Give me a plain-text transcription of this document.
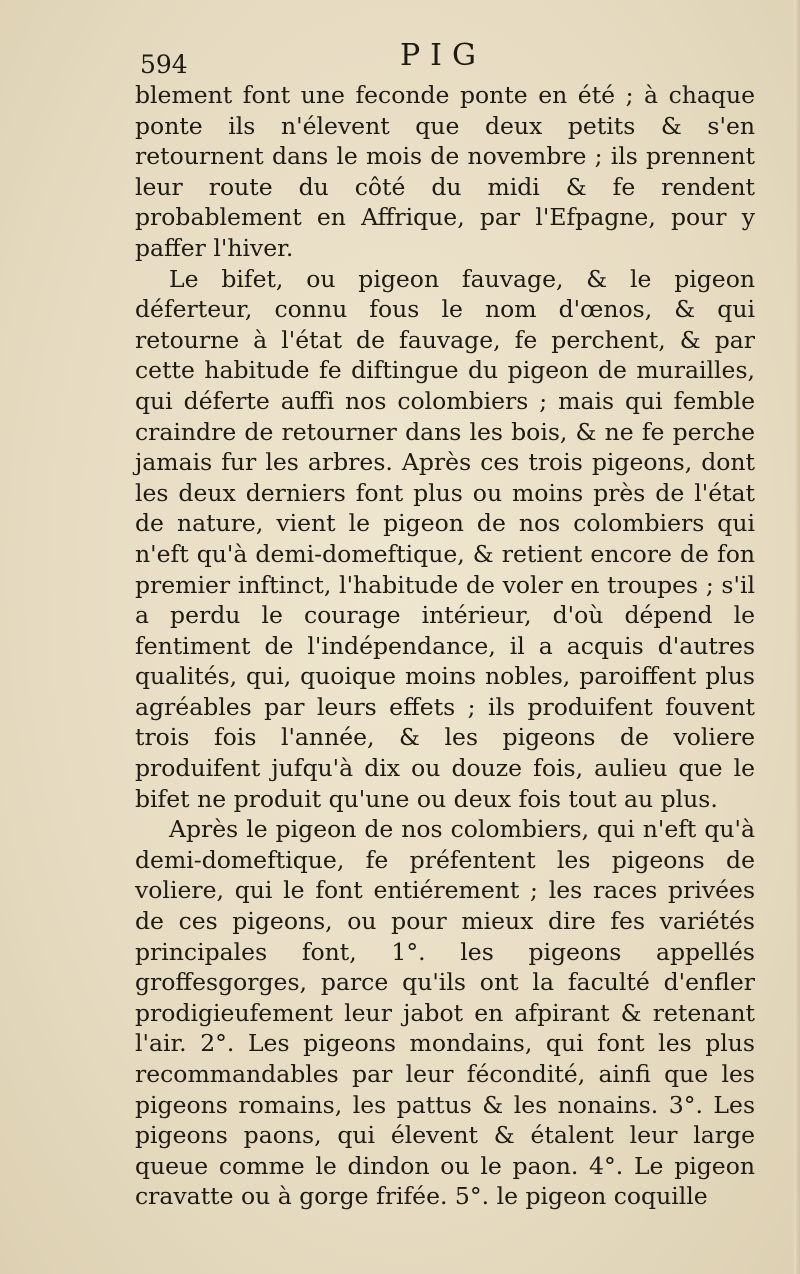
594	PIG

blement font une feconde ponte en été ; à chaque ponte ils n'élevent que deux petits & s'en retournent dans le mois de novembre ; ils prennent leur route du côté du midi & fe rendent probablement en Affrique, par l'Efpagne, pour y paffer l'hiver.

Le bifet, ou pigeon fauvage, & le pigeon déferteur, connu fous le nom d'œnos, & qui retourne à l'état de fauvage, fe perchent, & par cette habitude fe diftingue du pigeon de murailles, qui déferte auffi nos colombiers ; mais qui femble craindre de retourner dans les bois, & ne fe perche jamais fur les arbres. Après ces trois pigeons, dont les deux derniers font plus ou moins près de l'état de nature, vient le pigeon de nos colombiers qui n'eft qu'à demi-domeftique, & retient encore de fon premier inftinct, l'habitude de voler en troupes ; s'il a perdu le courage intérieur, d'où dépend le fentiment de l'indépendance, il a acquis d'autres qualités, qui, quoique moins nobles, paroiffent plus agréables par leurs effets ; ils produifent fouvent trois fois l'année, & les pigeons de voliere produifent jufqu'à dix ou douze fois, aulieu que le bifet ne produit qu'une ou deux fois tout au plus.

Après le pigeon de nos colombiers, qui n'eft qu'à demi-domeftique, fe préfentent les pigeons de voliere, qui le font entiérement ; les races privées de ces pigeons, ou pour mieux dire fes variétés principales font, 1°. les pigeons appellés groffesgorges, parce qu'ils ont la faculté d'enfler prodigieufement leur jabot en afpirant & retenant l'air. 2°. Les pigeons mondains, qui font les plus recommandables par leur fécondité, ainfi que les pigeons romains, les pattus & les nonains. 3°. Les pigeons paons, qui élevent & étalent leur large queue comme le dindon ou le paon. 4°. Le pigeon cravatte ou à gorge frifée. 5°. le pigeon coquille
